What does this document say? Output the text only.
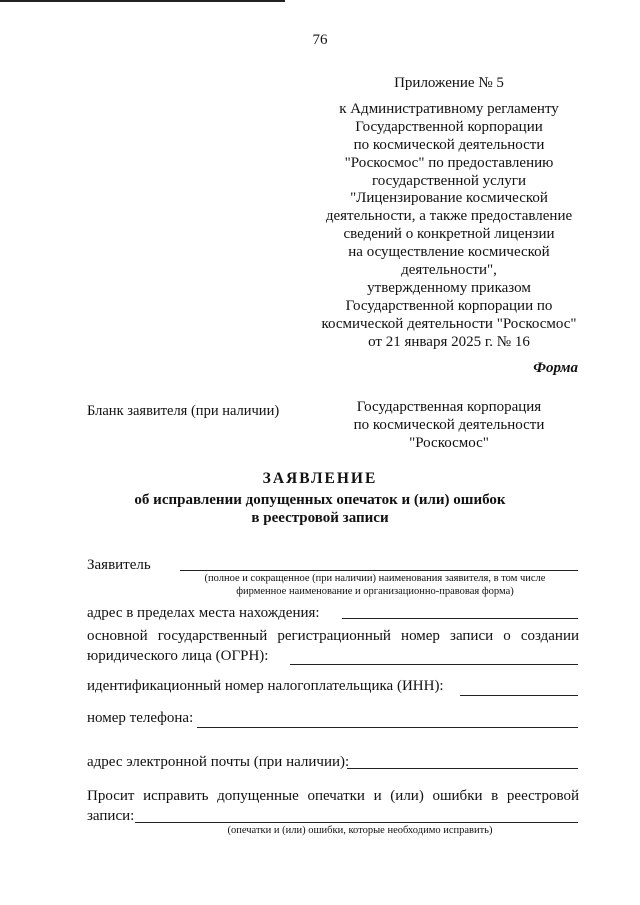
76
Приложение № 5
к Административному регламенту
Государственной корпорации
по космической деятельности
"Роскосмос" по предоставлению
государственной услуги
"Лицензирование космической
деятельности, а также предоставление
сведений о конкретной лицензии
на осуществление космической
деятельности",
утвержденному приказом
Государственной корпорации по
космической деятельности "Роскосмос"
от 21 января 2025 г. № 16
Форма
Бланк заявителя (при наличии)	Государственная корпорация
по космической деятельности
"Роскосмос"
ЗАЯВЛЕНИЕ
об исправлении допущенных опечаток и (или) ошибок
в реестровой записи
Заявитель
(полное и сокращенное (при наличии) наименования заявителя, в том числе
фирменное наименование и организационно-правовая форма)
адрес в пределах места нахождения:
основной государственный регистрационный номер записи о создании
юридического лица (ОГРН):
идентификационный номер налогоплательщика (ИНН):
номер телефона:
адрес электронной почты (при наличии):
Просит исправить допущенные опечатки и (или) ошибки в реестровой
записи:
(опечатки и (или) ошибки, которые необходимо исправить)
